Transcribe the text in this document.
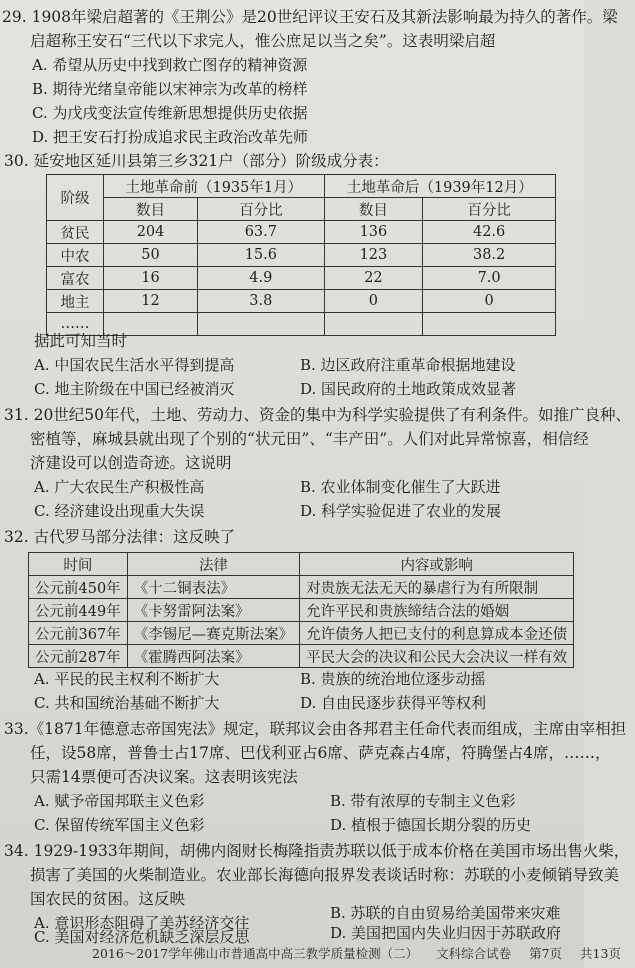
29. 1908年梁启超著的《王荆公》是20世纪评议王安石及其新法影响最为持久的著作。梁
启超称王安石“三代以下求完人，惟公庶足以当之矣”。这表明梁启超
A. 希望从历史中找到救亡图存的精神资源
B. 期待光绪皇帝能以宋神宗为改革的榜样
C. 为戊戌变法宣传维新思想提供历史依据
D. 把王安石打扮成追求民主政治改革先师
30. 延安地区延川县第三乡321户（部分）阶级成分表：
阶级	土地革命前（1935年1月）		土地革命后（1939年12月）	
	数目	百分比	数目	百分比
贫民	204	63.7	136	42.6
中农	50	15.6	123	38.2
富农	16	4.9	22	7.0
地主	12	3.8	0	0
……				
据此可知当时
A. 中国农民生活水平得到提高	B. 边区政府注重革命根据地建设
C. 地主阶级在中国已经被消灭	D. 国民政府的土地政策成效显著
31. 20世纪50年代，土地、劳动力、资金的集中为科学实验提供了有利条件。如推广良种、
密植等，麻城县就出现了个别的“状元田”、“丰产田”。人们对此异常惊喜，相信经
济建设可以创造奇迹。这说明
A. 广大农民生产积极性高	B. 农业体制变化催生了大跃进
C. 经济建设出现重大失误	D. 科学实验促进了农业的发展
32. 古代罗马部分法律：这反映了
时间	法律	内容或影响
公元前450年	《十二铜表法》	对贵族无法无天的暴虐行为有所限制
公元前449年	《卡努雷阿法案》	允许平民和贵族缔结合法的婚姻
公元前367年	《李锡尼—赛克斯法案》	允许债务人把已支付的利息算成本金还债
公元前287年	《霍腾西阿法案》	平民大会的决议和公民大会决议一样有效
A. 平民的民主权利不断扩大	B. 贵族的统治地位逐步动摇
C. 共和国统治基础不断扩大	D. 自由民逐步获得平等权利
33.《1871年德意志帝国宪法》规定，联邦议会由各邦君主任命代表而组成，主席由宰相担
任，设58席，普鲁士占17席、巴伐利亚占6席、萨克森占4席，符腾堡占4席，……，
只需14票便可否决议案。这表明该宪法
A. 赋予帝国邦联主义色彩	B. 带有浓厚的专制主义色彩
C. 保留传统军国主义色彩	D. 植根于德国长期分裂的历史
34. 1929-1933年期间，胡佛内阁财长梅隆指责苏联以低于成本价格在美国市场出售火柴，
损害了美国的火柴制造业。农业部长海德向报界发表谈话时称：苏联的小麦倾销导致美
国农民的贫困。这反映
A. 意识形态阻碍了美苏经济交往
B. 苏联的自由贸易给美国带来灾难
C. 美国对经济危机缺乏深层反思	D. 美国把国内失业归因于苏联政府
2016～2017学年佛山市普通高中高三教学质量检测（二） 文科综合试卷 第7页 共13页
